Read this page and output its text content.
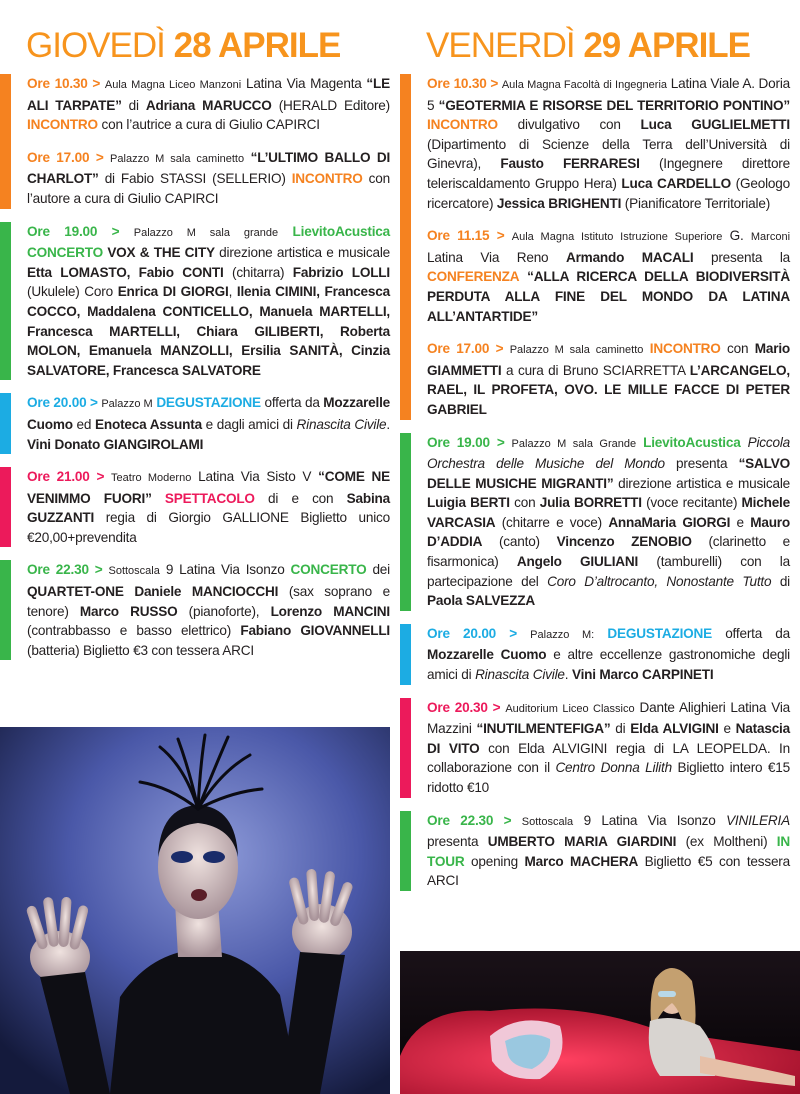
GIOVEDÌ 28 APRILE
Ore 10.30 > Aula Magna Liceo Manzoni Latina Via Magenta “LE ALI TARPATE” di Adriana MARUCCO (HERALD Editore) INCONTRO con l’autrice a cura di Giulio CAPIRCI
Ore 17.00 > Palazzo M sala caminetto “L’ULTIMO BALLO DI CHARLOT” di Fabio STASSI (SELLERIO) INCONTRO con l’autore a cura di Giulio CAPIRCI
Ore 19.00 > Palazzo M sala grande LievitoAcustica CONCERTO VOX & THE CITY direzione artistica e musicale Etta LOMASTO, Fabio CONTI (chitarra) Fabrizio LOLLI (Ukulele) Coro Enrica DI GIORGI, Ilenia CIMINI, Francesca COCCO, Maddalena CONTICELLO, Manuela MARTELLI, Francesca MARTELLI, Chiara GILIBERTI, Roberta MOLON, Emanuela MANZOLLI, Ersilia SANITÀ, Cinzia SALVATORE, Francesca SALVATORE
Ore 20.00 > Palazzo M DEGUSTAZIONE offerta da Mozzarelle Cuomo ed Enoteca Assunta e dagli amici di Rinascita Civile. Vini Donato GIANGIROLAMI
Ore 21.00 > Teatro Moderno Latina Via Sisto V “COME NE VENIMMO FUORI” SPETTACOLO di e con Sabina GUZZANTI regia di Giorgio GALLIONE Biglietto unico €20,00+prevendita
Ore 22.30 > Sottoscala 9 Latina Via Isonzo CONCERTO dei QUARTET-ONE Daniele MANCIOCCHI (sax soprano e tenore) Marco RUSSO (pianoforte), Lorenzo MANCINI (contrabbasso e basso elettrico) Fabiano GIOVANNELLI (batteria) Biglietto €3 con tessera ARCI
VENERDÌ 29 APRILE
Ore 10.30 > Aula Magna Facoltà di Ingegneria Latina Viale A. Doria 5 “GEOTERMIA E RISORSE DEL TERRITORIO PONTINO” INCONTRO divulgativo con Luca GUGLIELMETTI (Dipartimento di Scienze della Terra dell’Università di Ginevra), Fausto FERRARESI (Ingegnere direttore teleriscaldamento Gruppo Hera) Luca CARDELLO (Geologo ricercatore) Jessica BRIGHENTI (Pianificatore Territoriale)
Ore 11.15 > Aula Magna Istituto Istruzione Superiore G. Marconi Latina Via Reno Armando MACALI presenta la CONFERENZA “ALLA RICERCA DELLA BIODIVERSITÀ PERDUTA ALLA FINE DEL MONDO DA LATINA ALL’ANTARTIDE”
Ore 17.00 > Palazzo M sala caminetto INCONTRO con Mario GIAMMETTI a cura di Bruno SCIARRETTA L’ARCANGELO, RAEL, IL PROFETA, OVO. LE MILLE FACCE DI PETER GABRIEL
Ore 19.00 > Palazzo M sala Grande LievitoAcustica Piccola Orchestra delle Musiche del Mondo presenta “SALVO DELLE MUSICHE MIGRANTI” direzione artistica e musicale Luigia BERTI con Julia BORRETTI (voce recitante) Michele VARCASIA (chitarre e voce) AnnaMaria GIORGI e Mauro D’ADDIA (canto) Vincenzo ZENOBIO (clarinetto e fisarmonica) Angelo GIULIANI (tamburelli) con la partecipazione del Coro D’altrocanto, Nonostante Tutto di Paola SALVEZZA
Ore 20.00 > Palazzo M: DEGUSTAZIONE offerta da Mozzarelle Cuomo e altre eccellenze gastronomiche degli amici di Rinascita Civile. Vini Marco CARPINETI
Ore 20.30 > Auditorium Liceo Classico Dante Alighieri Latina Via Mazzini “INUTILMENTEFIGA” di Elda ALVIGINI e Natascia DI VITO con Elda ALVIGINI regia di LA LEOPELDA. In collaborazione con il Centro Donna Lilith Biglietto intero €15 ridotto €10
Ore 22.30 > Sottoscala 9 Latina Via Isonzo VINILERIA presenta UMBERTO MARIA GIARDINI (ex Moltheni) IN TOUR opening Marco MACHERA Biglietto €5 con tessera ARCI
